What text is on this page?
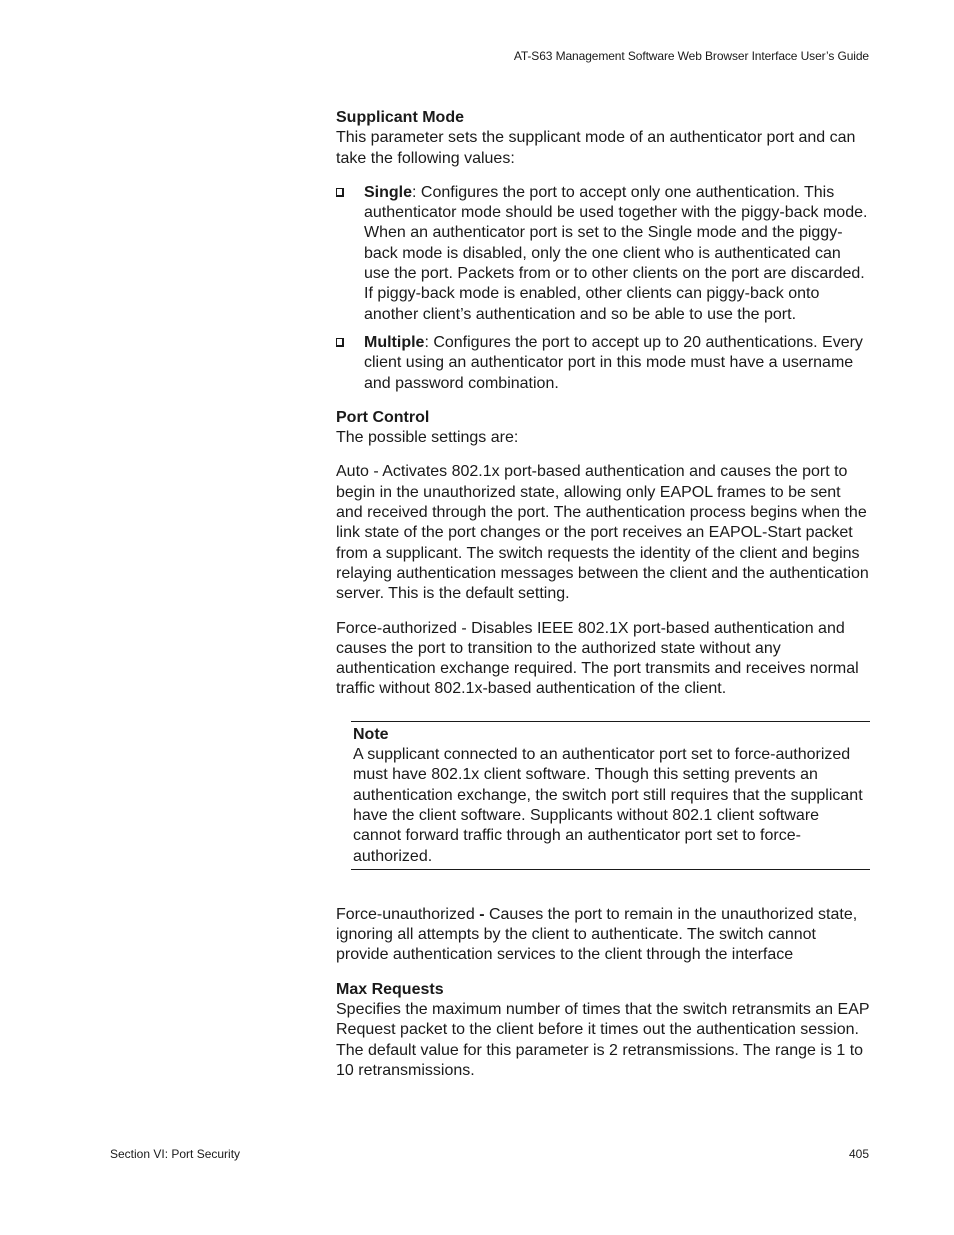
AT-S63 Management Software Web Browser Interface User’s Guide
Supplicant Mode

This parameter sets the supplicant mode of an authenticator port and can take the following values:

Single: Configures the port to accept only one authentication. This authenticator mode should be used together with the piggy-back mode. When an authenticator port is set to the Single mode and the piggy-back mode is disabled, only the one client who is authenticated can use the port. Packets from or to other clients on the port are discarded. If piggy-back mode is enabled, other clients can piggy-back onto another client’s authentication and so be able to use the port.
Multiple: Configures the port to accept up to 20 authentications. Every client using an authenticator port in this mode must have a username and password combination.
Port Control

The possible settings are:

Auto - Activates 802.1x port-based authentication and causes the port to begin in the unauthorized state, allowing only EAPOL frames to be sent and received through the port. The authentication process begins when the link state of the port changes or the port receives an EAPOL-Start packet from a supplicant. The switch requests the identity of the client and begins relaying authentication messages between the client and the authentication server. This is the default setting.

Force-authorized - Disables IEEE 802.1X port-based authentication and causes the port to transition to the authorized state without any authentication exchange required. The port transmits and receives normal traffic without 802.1x-based authentication of the client.

Note

A supplicant connected to an authenticator port set to force-authorized must have 802.1x client software. Though this setting prevents an authentication exchange, the switch port still requires that the supplicant have the client software. Supplicants without 802.1 client software cannot forward traffic through an authenticator port set to force-authorized.

Force-unauthorized - Causes the port to remain in the unauthorized state, ignoring all attempts by the client to authenticate. The switch cannot provide authentication services to the client through the interface

Max Requests

Specifies the maximum number of times that the switch retransmits an EAP Request packet to the client before it times out the authentication session. The default value for this parameter is 2 retransmissions. The range is 1 to 10 retransmissions.

Section VI: Port Security	405
